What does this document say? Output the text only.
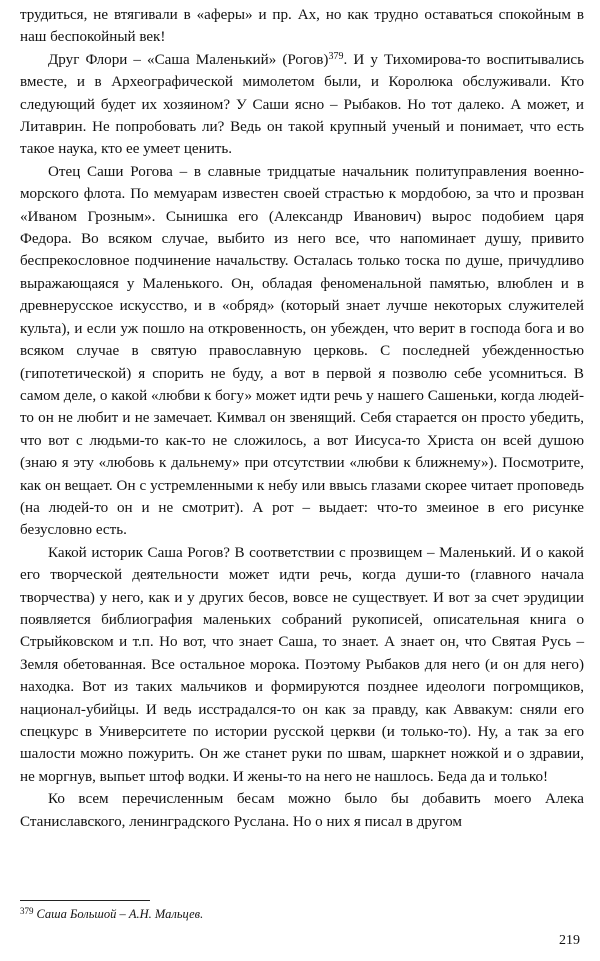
трудиться, не втягивали в «аферы» и пр. Ах, но как трудно оставаться спокойным в наш беспокойный век!

Друг Флори – «Саша Маленький» (Рогов)$^{379}$. И у Тихомирова-то воспитывались вместе, и в Археографической мимолетом были, и Королюка обслуживали. Кто следующий будет их хозяином? У Саши ясно – Рыбаков. Но тот далеко. А может, и Литаврин. Не попробовать ли? Ведь он такой крупный ученый и понимает, что есть такое наука, кто ее умеет ценить.

Отец Саши Рогова – в славные тридцатые начальник политуправления военно-морского флота. По мемуарам известен своей страстью к мордобою, за что и прозван «Иваном Грозным». Сынишка его (Александр Иванович) вырос подобием царя Федора. Во всяком случае, выбито из него все, что напоминает душу, привито беспрекословное подчинение начальству. Осталась только тоска по душе, причудливо выражающаяся у Маленького. Он, обладая феноменальной памятью, влюблен и в древнерусское искусство, и в «обряд» (который знает лучше некоторых служителей культа), и если уж пошло на откровенность, он убежден, что верит в господа бога и во всяком случае в святую православную церковь. С последней убежденностью (гипотетической) я спорить не буду, а вот в первой я позволю себе усомниться. В самом деле, о какой «любви к богу» может идти речь у нашего Сашеньки, когда людей-то он не любит и не замечает. Кимвал он звенящий. Себя старается он просто убедить, что вот с людьми-то как-то не сложилось, а вот Иисуса-то Христа он всей душою (знаю я эту «любовь к дальнему» при отсутствии «любви к ближнему»). Посмотрите, как он вещает. Он с устремленными к небу или ввысь глазами скорее читает проповедь (на людей-то он и не смотрит). А рот – выдает: что-то змеиное в его рисунке безусловно есть.

Какой историк Саша Рогов? В соответствии с прозвищем – Маленький. И о какой его творческой деятельности может идти речь, когда души-то (главного начала творчества) у него, как и у других бесов, вовсе не существует. И вот за счет эрудиции появляется библиография маленьких собраний рукописей, описательная книга о Стрыйковском и т.п. Но вот, что знает Саша, то знает. А знает он, что Святая Русь – Земля обетованная. Все остальное морока. Поэтому Рыбаков для него (и он для него) находка. Вот из таких мальчиков и формируются позднее идеологи погромщиков, национал-убийцы. И ведь исстрадался-то он как за правду, как Аввакум: сняли его спецкурс в Университете по истории русской церкви (и только-то). Ну, а так за его шалости можно пожурить. Он же станет руки по швам, шаркнет ножкой и о здравии, не моргнув, выпьет штоф водки. И жены-то на него не нашлось. Беда да и только!

Ко всем перечисленным бесам можно было бы добавить моего Алека Станиславского, ленинградского Руслана. Но о них я писал в другом

$^{379}$ Саша Большой – А.Н. Мальцев.
219
